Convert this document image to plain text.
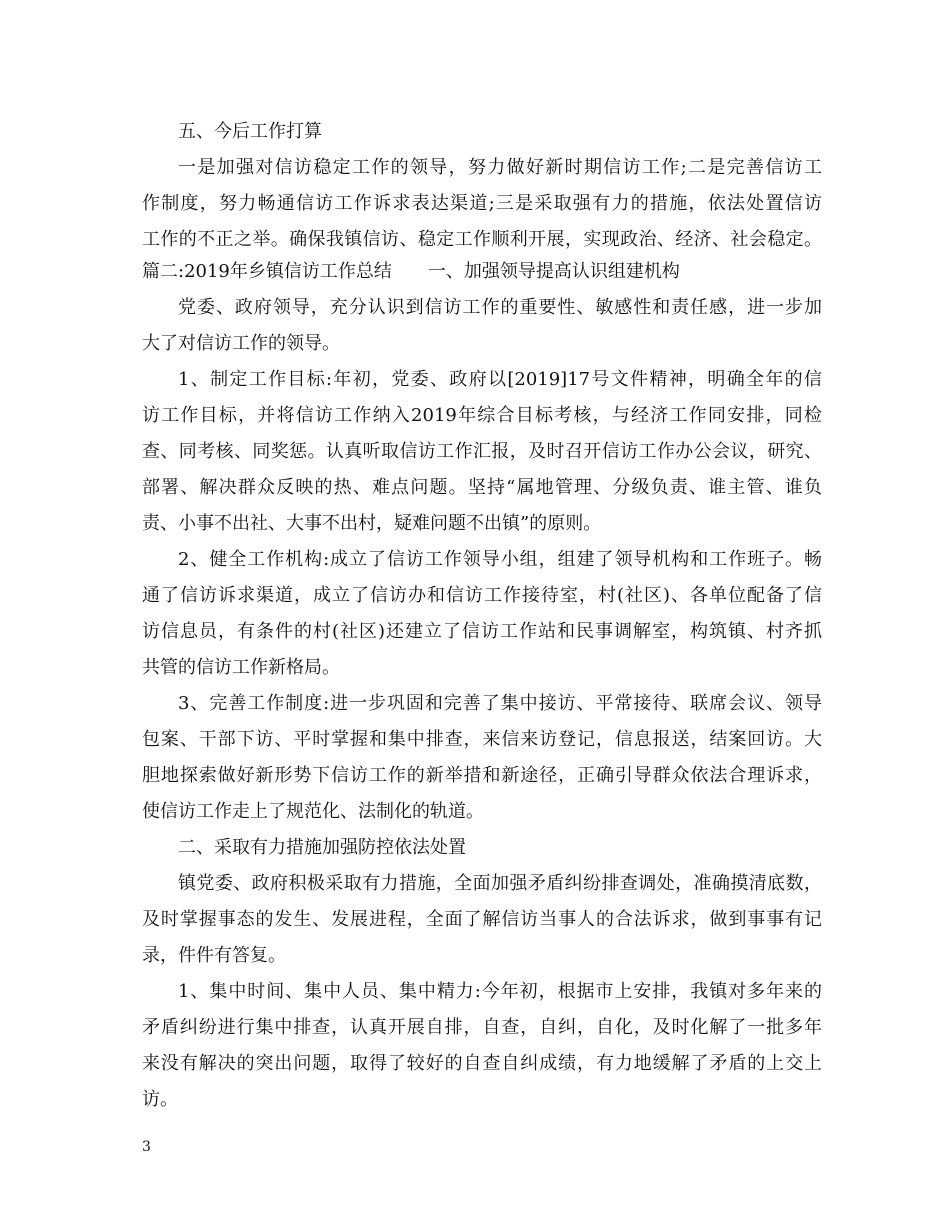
五、今后工作打算
一是加强对信访稳定工作的领导，努力做好新时期信访工作;二是完善信访工
作制度，努力畅通信访工作诉求表达渠道;三是采取强有力的措施，依法处置信访
工作的不正之举。确保我镇信访、稳定工作顺利开展，实现政治、经济、社会稳定。
篇二:2019年乡镇信访工作总结　　一、加强领导提高认识组建机构
党委、政府领导，充分认识到信访工作的重要性、敏感性和责任感，进一步加
大了对信访工作的领导。
1、制定工作目标:年初，党委、政府以[2019]17号文件精神，明确全年的信
访工作目标，并将信访工作纳入2019年综合目标考核，与经济工作同安排，同检
查、同考核、同奖惩。认真听取信访工作汇报，及时召开信访工作办公会议，研究、
部署、解决群众反映的热、难点问题。坚持“属地管理、分级负责、谁主管、谁负
责、小事不出社、大事不出村，疑难问题不出镇”的原则。
2、健全工作机构:成立了信访工作领导小组，组建了领导机构和工作班子。畅
通了信访诉求渠道，成立了信访办和信访工作接待室，村(社区)、各单位配备了信
访信息员，有条件的村(社区)还建立了信访工作站和民事调解室，构筑镇、村齐抓
共管的信访工作新格局。
3、完善工作制度:进一步巩固和完善了集中接访、平常接待、联席会议、领导
包案、干部下访、平时掌握和集中排查，来信来访登记，信息报送，结案回访。大
胆地探索做好新形势下信访工作的新举措和新途径，正确引导群众依法合理诉求，
使信访工作走上了规范化、法制化的轨道。
二、采取有力措施加强防控依法处置
镇党委、政府积极采取有力措施，全面加强矛盾纠纷排查调处，准确摸清底数，
及时掌握事态的发生、发展进程，全面了解信访当事人的合法诉求，做到事事有记
录，件件有答复。
1、集中时间、集中人员、集中精力:今年初，根据市上安排，我镇对多年来的
矛盾纠纷进行集中排查，认真开展自排，自查，自纠，自化，及时化解了一批多年
来没有解决的突出问题，取得了较好的自查自纠成绩，有力地缓解了矛盾的上交上
访。
3
